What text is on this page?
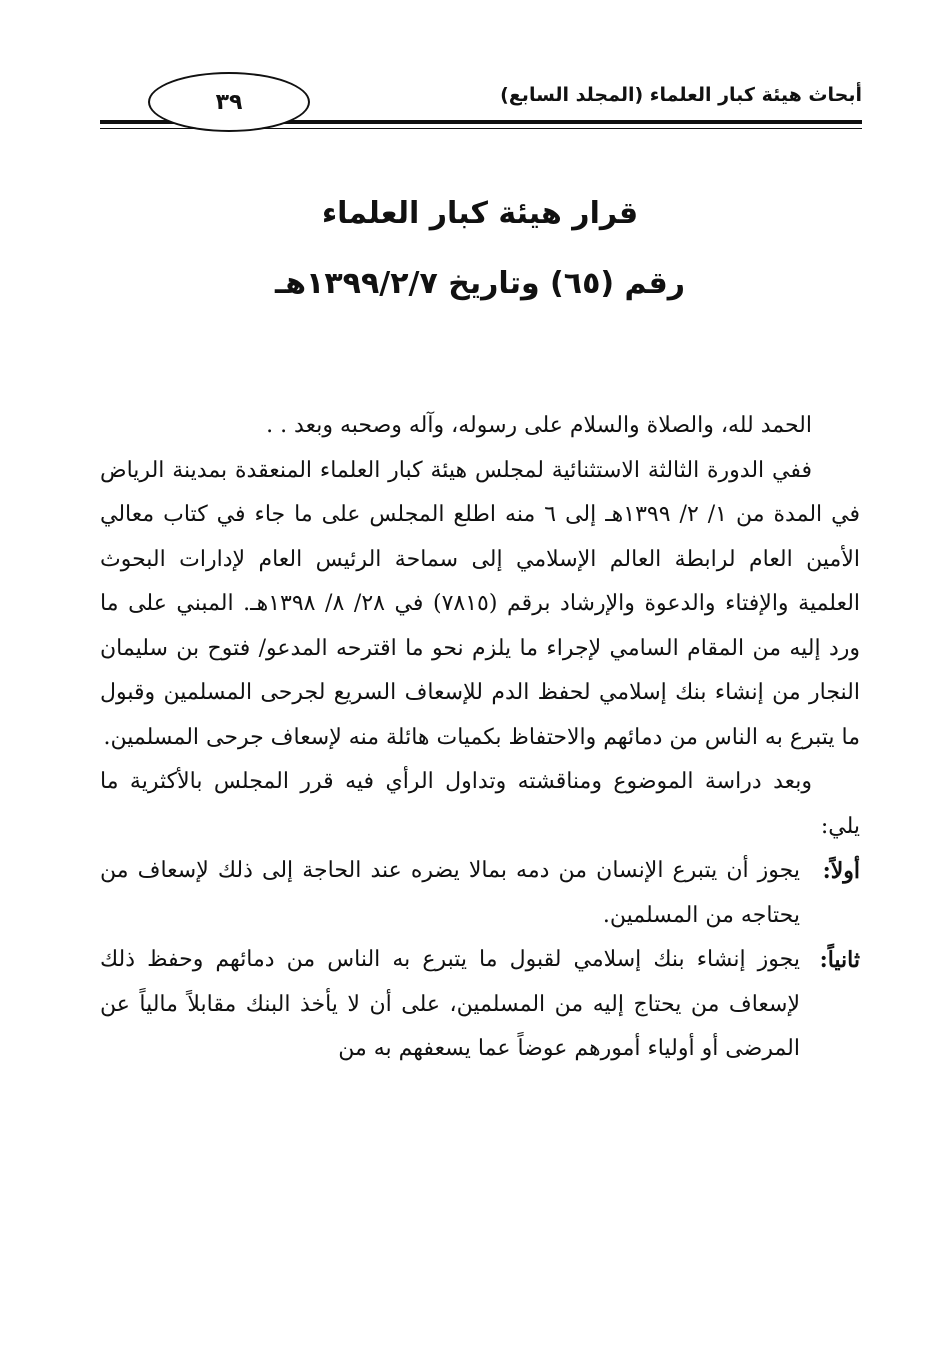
أبحاث هيئة كبار العلماء (المجلد السابع)
٣٩
قرار هيئة كبار العلماء
رقم (٦٥) وتاريخ ١٣٩٩/٢/٧هـ

الحمد لله، والصلاة والسلام على رسوله، وآله وصحبه وبعد . .

ففي الدورة الثالثة الاستثنائية لمجلس هيئة كبار العلماء المنعقدة بمدينة الرياض في المدة من ١/ ٢/ ١٣٩٩هـ إلى ٦ منه اطلع المجلس على ما جاء في كتاب معالي الأمين العام لرابطة العالم الإسلامي إلى سماحة الرئيس العام لإدارات البحوث العلمية والإفتاء والدعوة والإرشاد برقم (٧٨١٥) في ٢٨/ ٨/ ١٣٩٨هـ. المبني على ما ورد إليه من المقام السامي لإجراء ما يلزم نحو ما اقترحه المدعو/ فتوح بن سليمان النجار من إنشاء بنك إسلامي لحفظ الدم للإسعاف السريع لجرحى المسلمين وقبول ما يتبرع به الناس من دمائهم والاحتفاظ بكميات هائلة منه لإسعاف جرحى المسلمين.

وبعد دراسة الموضوع ومناقشته وتداول الرأي فيه قرر المجلس بالأكثرية ما يلي:

أولاً:
يجوز أن يتبرع الإنسان من دمه بمالا يضره عند الحاجة إلى ذلك لإسعاف من يحتاجه من المسلمين.
ثانياً:
يجوز إنشاء بنك إسلامي لقبول ما يتبرع به الناس من دمائهم وحفظ ذلك لإسعاف من يحتاج إليه من المسلمين، على أن لا يأخذ البنك مقابلاً مالياً عن المرضى أو أولياء أمورهم عوضاً عما يسعفهم به من
